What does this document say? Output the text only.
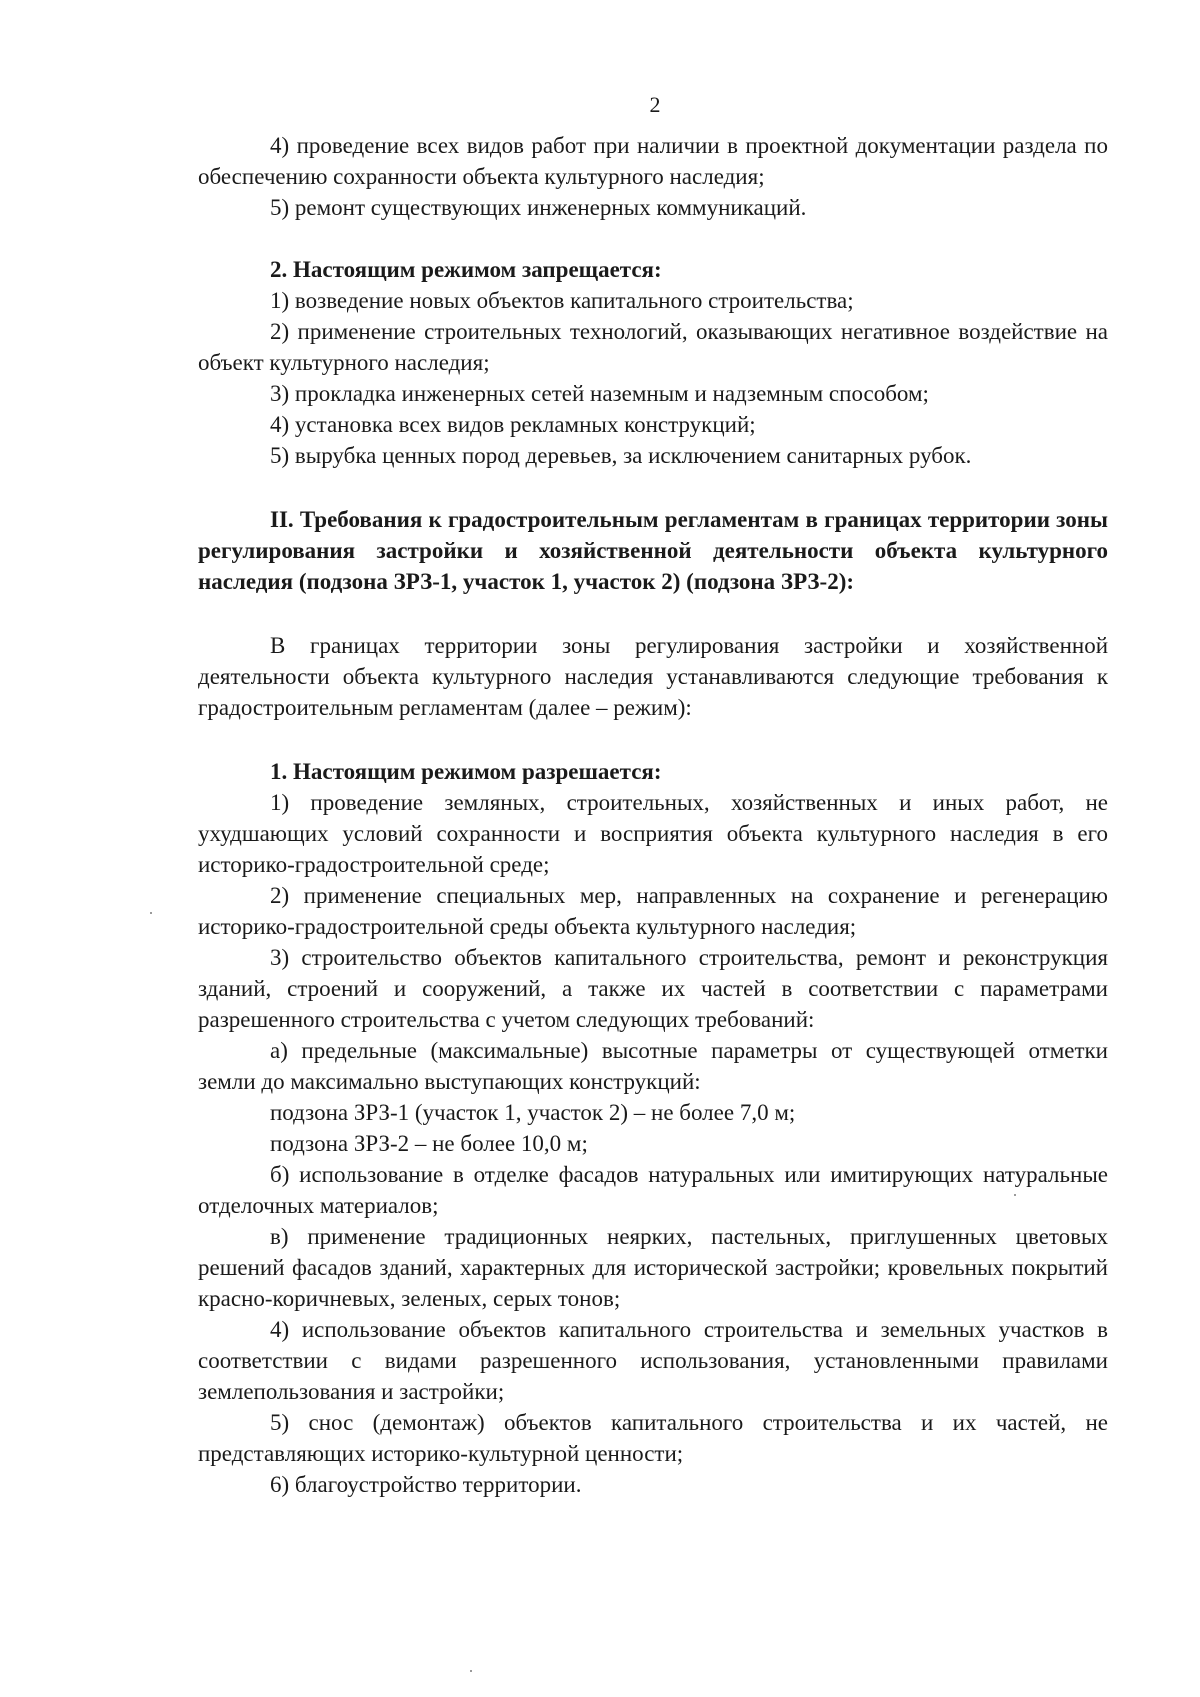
2

4) проведение всех видов работ при наличии в проектной документации раздела по обеспечению сохранности объекта культурного наследия;

5) ремонт существующих инженерных коммуникаций.

2. Настоящим режимом запрещается:

1) возведение новых объектов капитального строительства;

2) применение строительных технологий, оказывающих негативное воздействие на объект культурного наследия;

3) прокладка инженерных сетей наземным и надземным способом;

4) установка всех видов рекламных конструкций;

5) вырубка ценных пород деревьев, за исключением санитарных рубок.

II. Требования к градостроительным регламентам в границах территории зоны регулирования застройки и хозяйственной деятельности объекта культурного наследия (подзона ЗРЗ-1, участок 1, участок 2) (подзона ЗРЗ-2):

В границах территории зоны регулирования застройки и хозяйственной деятельности объекта культурного наследия устанавливаются следующие требования к градостроительным регламентам (далее – режим):

1. Настоящим режимом разрешается:

1) проведение земляных, строительных, хозяйственных и иных работ, не ухудшающих условий сохранности и восприятия объекта культурного наследия в его историко-градостроительной среде;

2) применение специальных мер, направленных на сохранение и регенерацию историко-градостроительной среды объекта культурного наследия;

3) строительство объектов капитального строительства, ремонт и реконструкция зданий, строений и сооружений, а также их частей в соответствии с параметрами разрешенного строительства с учетом следующих требований:

а) предельные (максимальные) высотные параметры от существующей отметки земли до максимально выступающих конструкций:

подзона ЗРЗ-1 (участок 1, участок 2) – не более 7,0 м;

подзона ЗРЗ-2 – не более 10,0 м;

б) использование в отделке фасадов натуральных или имитирующих натуральные отделочных материалов;

в) применение традиционных неярких, пастельных, приглушенных цветовых решений фасадов зданий, характерных для исторической застройки; кровельных покрытий красно-коричневых, зеленых, серых тонов;

4) использование объектов капитального строительства и земельных участков в соответствии с видами разрешенного использования, установленными правилами землепользования и застройки;

5) снос (демонтаж) объектов капитального строительства и их частей, не представляющих историко-культурной ценности;

6) благоустройство территории.
